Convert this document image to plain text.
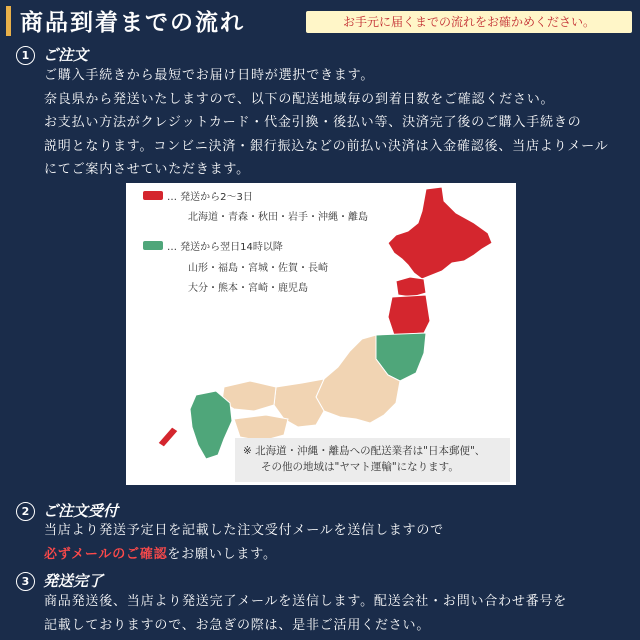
商品到着までの流れ	お手元に届くまでの流れをお確かめください。
1 ご注文
ご購入手続きから最短でお届け日時が選択できます。
奈良県から発送いたしますので、以下の配送地域毎の到着日数をご確認ください。
お支払い方法がクレジットカード・代金引換・後払い等、決済完了後のご購入手続きの
説明となります。コンビニ決済・銀行振込などの前払い決済は入金確認後、当店よりメール
にてご案内させていただきます。
… 発送から2～3日
北海道・青森・秋田・岩手・沖縄・離島
… 発送から翌日14時以降
山形・福島・宮城・佐賀・長崎
大分・熊本・宮崎・鹿児島
※ 北海道・沖縄・離島への配送業者は"日本郵便"、
その他の地域は"ヤマト運輸"になります。
2 ご注文受付
当店より発送予定日を記載した注文受付メールを送信しますので
必ずメールのご確認をお願いします。
3 発送完了
商品発送後、当店より発送完了メールを送信します。配送会社・お問い合わせ番号を
記載しておりますので、お急ぎの際は、是非ご活用ください。
